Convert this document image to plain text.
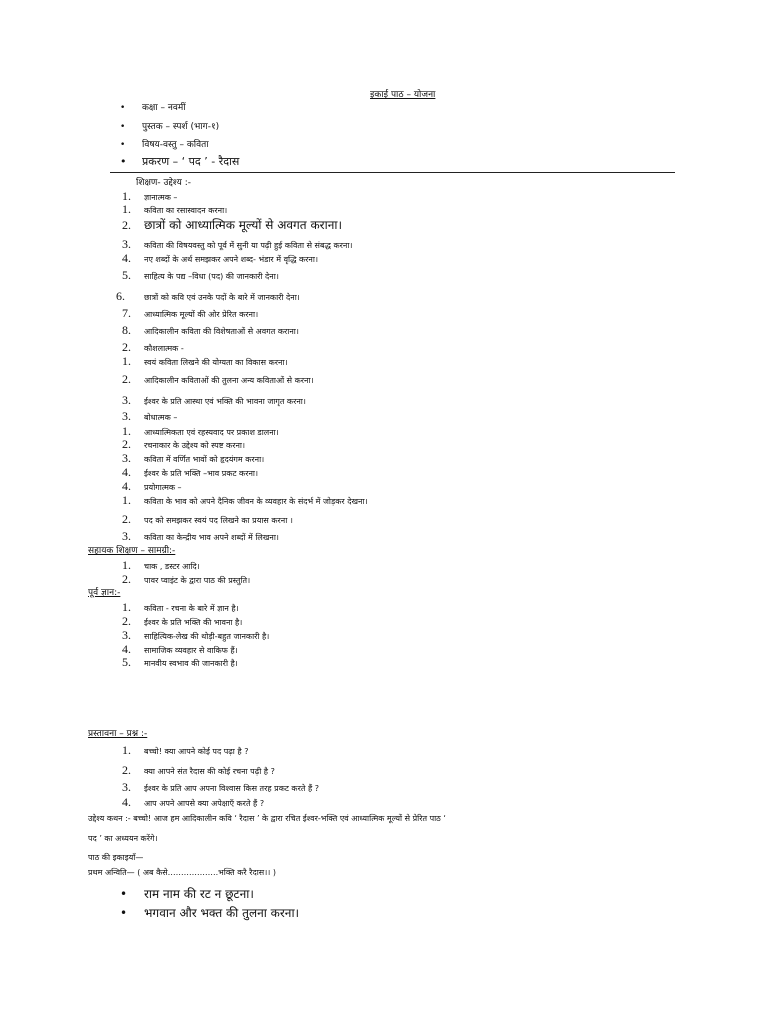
इकाई पाठ – योजना
• कक्षा – नवमीं
• पुस्तक – स्पर्श (भाग-१)
• विषय-वस्तु – कविता
• प्रकरण – ‘ पद ’ - रैदास
शिक्षण- उद्देश्य :-
1. ज्ञानात्मक –
1. कविता का रसास्वादन करना।
2. छात्रों को आध्यात्मिक मूल्यों से अवगत कराना।
3. कविता की विषयवस्तु को पूर्व में सुनी या पढ़ी हुई कविता से संबद्ध करना।
4. नए शब्दों के अर्थ समझकर अपने शब्द- भंडार में वृद्धि करना।
5. साहित्य के पद्य –विधा (पद) की जानकारी देना।
6. छात्रों को कवि एवं उनके पदों के बारे में जानकारी देना।
7. आध्यात्मिक मूल्यों की ओर प्रेरित करना।
8. आदिकालीन कविता की विशेषताओं से अवगत कराना।
2. कौशलात्मक -
1. स्वयं कविता लिखने की योग्यता का विकास करना।
2. आदिकालीन कविताओं की तुलना अन्य कविताओं से करना।
3. ईश्वर के प्रति आस्था एवं भक्ति की भावना जागृत करना।
3. बोधात्मक –
1. आध्यात्मिकता एवं रहस्यवाद पर प्रकाश डालना।
2. रचनाकार के उद्देश्य को स्पष्ट करना।
3. कविता में वर्णित भावों को हृदयंगम करना।
4. ईश्वर के प्रति भक्ति –भाव प्रकट करना।
4. प्रयोगात्मक –
1. कविता के भाव को अपने दैनिक जीवन के व्यवहार के संदर्भ में जोड़कर देखना।
2. पद को समझकर स्वयं पद लिखने का प्रयास करना ।
3. कविता का केन्द्रीय भाव अपने शब्दों में लिखना।
सहायक शिक्षण – सामग्री:-
1. चाक , डस्टर आदि।
2. पावर प्वाइंट के द्वारा पाठ की प्रस्तुति।
पूर्व ज्ञान:-
1. कविता - रचना के बारे में ज्ञान है।
2. ईश्वर के प्रति भक्ति की भावना है।
3. साहित्यिक-लेख की थोड़ी-बहुत जानकारी है।
4. सामाजिक व्यवहार से वाकिफ हैं।
5. मानवीय स्वभाव की जानकारी है।
प्रस्तावना – प्रश्न :-
1. बच्चो! क्या आपने कोई पद पढ़ा है ?
2. क्या आपने संत रैदास की कोई रचना पढ़ी है ?
3. ईश्वर के प्रति आप अपना विश्वास किस तरह प्रकट करते हैं ?
4. आप अपने आपसे क्या अपेक्षाएँ करते हैं ?
उद्देश्य कथन :- बच्चो! आज हम आदिकालीन कवि ‘ रैदास ’ के द्वारा रचित ईश्वर-भक्ति एवं आध्यात्मिक मूल्यों से प्रेरित पाठ ‘
पद ’ का अध्ययन करेंगे।
पाठ की इकाइयाँ—
प्रथम अन्विति— ( अब कैसे……………….भक्ति करै रैदास।। )
• राम नाम की रट न छूटना।
• भगवान और भक्त की तुलना करना।
